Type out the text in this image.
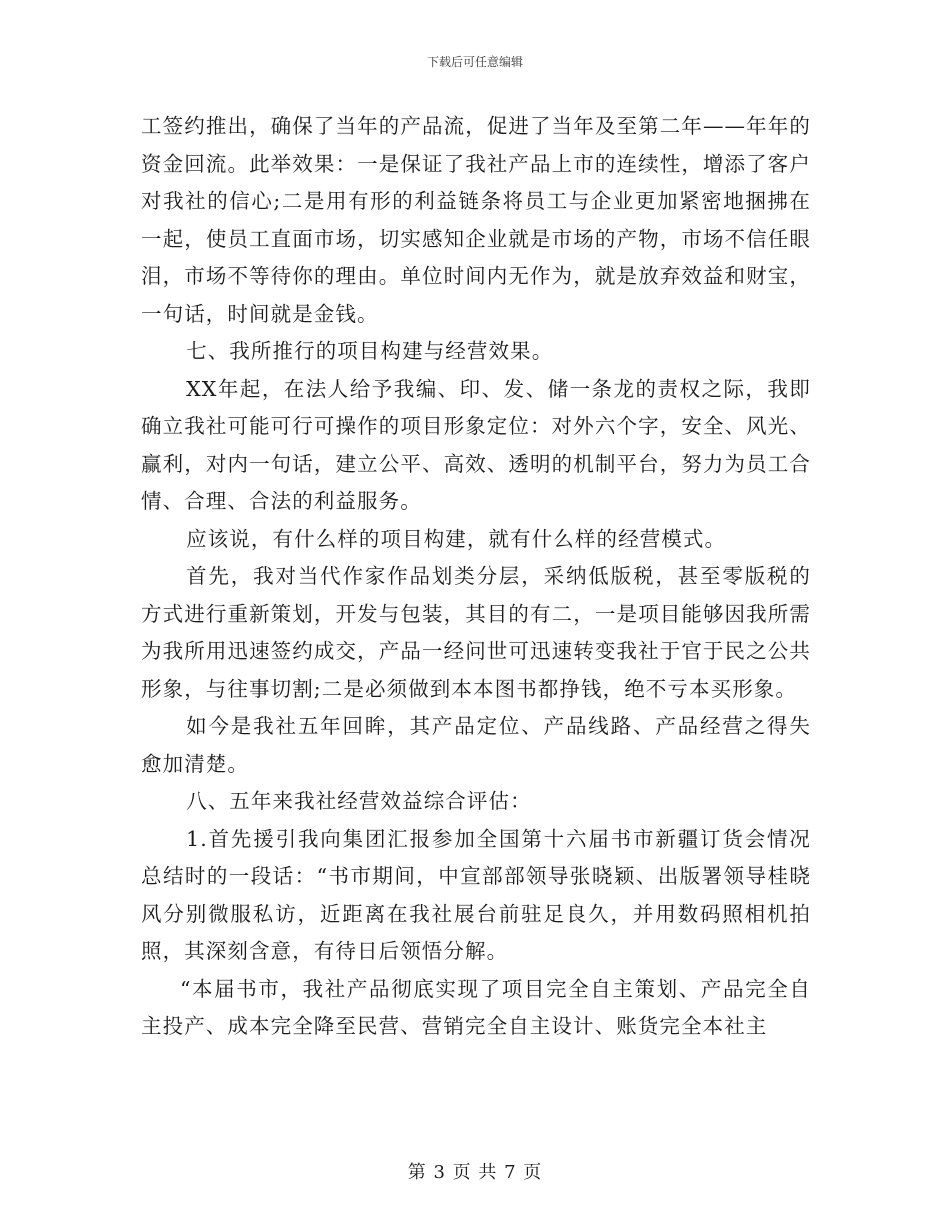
下载后可任意编辑

工签约推出，确保了当年的产品流，促进了当年及至第二年——年年的资金回流。此举效果：一是保证了我社产品上市的连续性，增添了客户对我社的信心;二是用有形的利益链条将员工与企业更加紧密地捆拂在一起，使员工直面市场，切实感知企业就是市场的产物，市场不信任眼泪，市场不等待你的理由。单位时间内无作为，就是放弃效益和财宝，一句话，时间就是金钱。

七、我所推行的项目构建与经营效果。

XX年起，在法人给予我编、印、发、储一条龙的责权之际，我即确立我社可能可行可操作的项目形象定位：对外六个字，安全、风光、赢利，对内一句话，建立公平、高效、透明的机制平台，努力为员工合情、合理、合法的利益服务。

应该说，有什么样的项目构建，就有什么样的经营模式。

首先，我对当代作家作品划类分层，采纳低版税，甚至零版税的方式进行重新策划，开发与包装，其目的有二，一是项目能够因我所需为我所用迅速签约成交，产品一经问世可迅速转变我社于官于民之公共形象，与往事切割;二是必须做到本本图书都挣钱，绝不亏本买形象。

如今是我社五年回眸，其产品定位、产品线路、产品经营之得失愈加清楚。

八、五年来我社经营效益综合评估：

1.首先援引我向集团汇报参加全国第十六届书市新疆订货会情况总结时的一段话：“书市期间，中宣部部领导张晓颖、出版署领导桂晓风分别微服私访，近距离在我社展台前驻足良久，并用数码照相机拍照，其深刻含意，有待日后领悟分解。

“本届书市，我社产品彻底实现了项目完全自主策划、产品完全自主投产、成本完全降至民营、营销完全自主设计、账货完全本社主

第 3 页 共 7 页
